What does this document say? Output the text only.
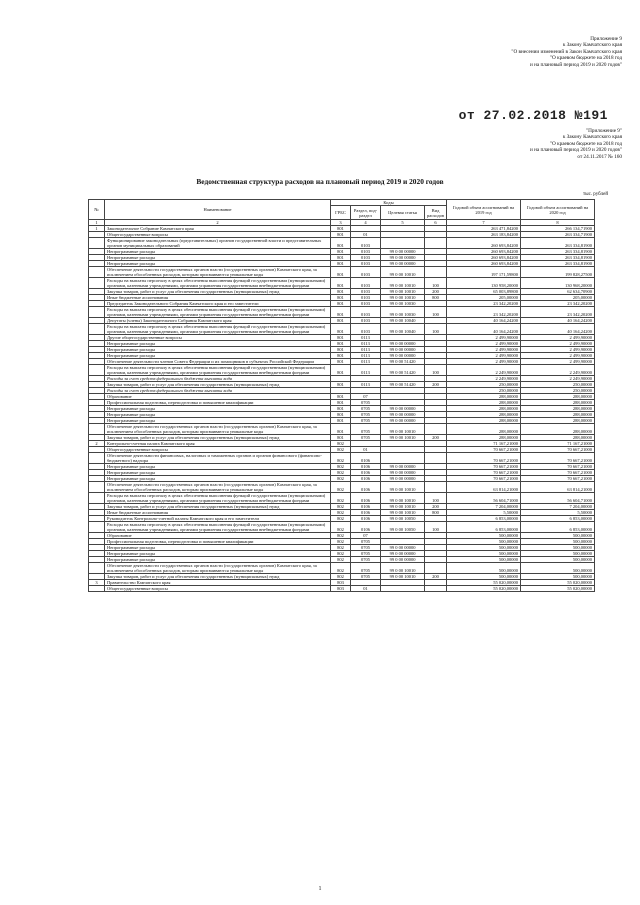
Приложение 9
к Закону Камчатского края
"О внесении изменений в Закон Камчатского края
"О краевом бюджете на 2018 год
и на плановый период 2019 и 2020 годов"
от 27.02.2018 №191
"Приложение 9"
к Закону Камчатского края
"О краевом бюджете на 2018 год
и на плановый период 2019 и 2020 годов"
от 24.11.2017 № 160
Ведомственная структура расходов на плановый период 2019 и 2020 годов
тыс. рублей
№	Наименование	Коды				Годовой объем ассигнований на 2019 год	Годовой объем ассигнований на 2020 год
		ГРБС	Раздел, под-раздел	Целевая статья	Вид расходов		
1	2	3	4	5	6	7	8
1	Законодательное Собрание Камчатского края	801				263 471,84200	266 134,71900
	Общегосударственные вопросы	801	01			263 183,84200	263 334,71900
	Функционирование законодательных (представительных) органов государственной власти и представительных органов муниципальных образований	801	0103			260 693,84200	263 334,81900
	Непрограммные расходы	801	0103	99 0 00 00000		260 693,84200	263 334,81900
	Непрограммные расходы	801	0103	99 0 00 00000		260 693,84200	263 334,81900
	Непрограммные расходы	801	0103	99 0 00 00000		260 693,84200	263 334,81900
	Обеспечение деятельности государственных органов власти (государственных органов) Камчатского края, за исключением обособленных расходов, которым присваиваются уникальные коды	801	0103	99 0 00 10010		197 171,59800	199 828,27500
	Расходы на выплаты персоналу в целях обеспечения выполнения функций государственными (муниципальными) органами, казенными учреждениями, органами управления государственными внебюджетными фондами	801	0103	99 0 00 10010	100	130 958,20000	130 968,20000
	Закупка товаров, работ и услуг для обеспечения государственных (муниципальных) нужд	801	0103	99 0 00 10010	200	65 003,89800	62 634,70900
	Иные бюджетные ассигнования	801	0103	99 0 00 10010	800	205,00000	205,00000
	Председатель Законодательного Собрания Камчатского края и его заместители	801	0103	99 0 00 10030		23 342,20200	23 342,20200
	Расходы на выплаты персоналу в целях обеспечения выполнения функций государственными (муниципальными) органами, казенными учреждениями, органами управления государственными внебюджетными фондами	801	0103	99 0 00 10030	100	23 342,20200	23 342,20200
	Депутаты (члены) Законодательного Собрания Камчатского края	801	0103	99 0 00 10040		40 164,24200	40 164,24200
	Расходы на выплаты персоналу в целях обеспечения выполнения функций государственными (муниципальными) органами, казенными учреждениями, органами управления государственными внебюджетными фондами	801	0103	99 0 00 10040	100	40 164,24200	40 164,24200
	Другие общегосударственные вопросы	801	0113			2 499,90000	2 499,90000
	Непрограммные расходы	801	0113	99 0 00 00000		2 499,90000	2 499,90000
	Непрограммные расходы	801	0113	99 0 00 00000		2 499,90000	2 499,90000
	Непрограммные расходы	801	0113	99 0 00 00000		2 499,90000	2 499,90000
	Обеспечение деятельности членов Совета Федерации и их помощников в субъектах Российской Федерации	801	0113	99 0 00 51420		2 499,90000	2 499,90000
	Расходы на выплаты персоналу в целях обеспечения выполнения функций государственными (муниципальными) органами, казенными учреждениями, органами управления государственными внебюджетными фондами	801	0113	99 0 00 51420	100	2 249,90000	2 249,90000
	Расходы за счет средств федерального бюджета выплаты кода					2 249,90000	2 249,90000
	Закупка товаров, работ и услуг для обеспечения государственных (муниципальных) нужд	801	0113	99 0 00 51420	200	250,00000	250,00000
	Расходы за счет средств федерального бюджета выплаты кода					250,00000	250,00000
	Образование	801	07			288,00000	288,00000
	Профессиональная подготовка, переподготовка и повышение квалификации	801	0705			288,00000	288,00000
	Непрограммные расходы	801	0705	99 0 00 00000		288,00000	288,00000
	Непрограммные расходы	801	0705	99 0 00 00000		288,00000	288,00000
	Непрограммные расходы	801	0705	99 0 00 00000		288,00000	288,00000
	Обеспечение деятельности государственных органов власти (государственных органов) Камчатского края, за исключением обособленных расходов, которым присваиваются уникальные коды	801	0705	99 0 00 10010		288,00000	288,00000
	Закупка товаров, работ и услуг для обеспечения государственных (муниципальных) нужд	801	0705	99 0 00 10010	200	288,00000	288,00000
2	Контрольно-счетная палата Камчатского края	802				71 167,21000	71 167,21000
	Общегосударственные вопросы	802	01			70 667,21000	70 667,21000
	Обеспечение деятельности финансовых, налоговых и таможенных органов и органов финансового (финансово-бюджетного) надзора	802	0106			70 667,21000	70 667,21000
	Непрограммные расходы	802	0106	99 0 00 00000		70 667,21000	70 667,21000
	Непрограммные расходы	802	0106	99 0 00 00000		70 667,21000	70 667,21000
	Непрограммные расходы	802	0106	99 0 00 00000		70 667,21000	70 667,21000
	Обеспечение деятельности государственных органов власти (государственных органов) Камчатского края, за исключением обособленных расходов, которым присваиваются уникальные коды	802	0106	99 0 00 10010		63 814,21000	63 814,21000
	Расходы на выплаты персоналу в целях обеспечения выполнения функций государственными (муниципальными) органами, казенными учреждениями, органами управления государственными внебюджетными фондами	802	0106	99 0 00 10010	100	56 604,71000	56 604,71000
	Закупка товаров, работ и услуг для обеспечения государственных (муниципальных) нужд	802	0106	99 0 00 10010	200	7 204,00000	7 204,00000
	Иные бюджетные ассигнования	802	0106	99 0 00 10010	800	5,50000	5,50000
	Руководитель Контрольно-счетной палаты Камчатского края и его заместители	802	0106	99 0 00 10050		6 853,00000	6 853,00000
	Расходы на выплаты персоналу в целях обеспечения выполнения функций государственными (муниципальными) органами, казенными учреждениями, органами управления государственными внебюджетными фондами	802	0106	99 0 00 10050	100	6 853,00000	6 853,00000
	Образование	802	07			500,00000	500,00000
	Профессиональная подготовка, переподготовка и повышение квалификации	802	0705			500,00000	500,00000
	Непрограммные расходы	802	0705	99 0 00 00000		500,00000	500,00000
	Непрограммные расходы	802	0705	99 0 00 00000		500,00000	500,00000
	Непрограммные расходы	802	0705	99 0 00 00000		500,00000	500,00000
	Обеспечение деятельности государственных органов власти (государственных органов) Камчатского края, за исключением обособленных расходов, которым присваиваются уникальные коды	802	0705	99 0 00 10010		500,00000	500,00000
	Закупка товаров, работ и услуг для обеспечения государственных (муниципальных) нужд	802	0705	99 0 00 10010	200	500,00000	500,00000
3	Правительство Камчатского края	803				55 020,00000	55 020,00000
	Общегосударственные вопросы	803	01			55 020,00000	55 020,00000
1
